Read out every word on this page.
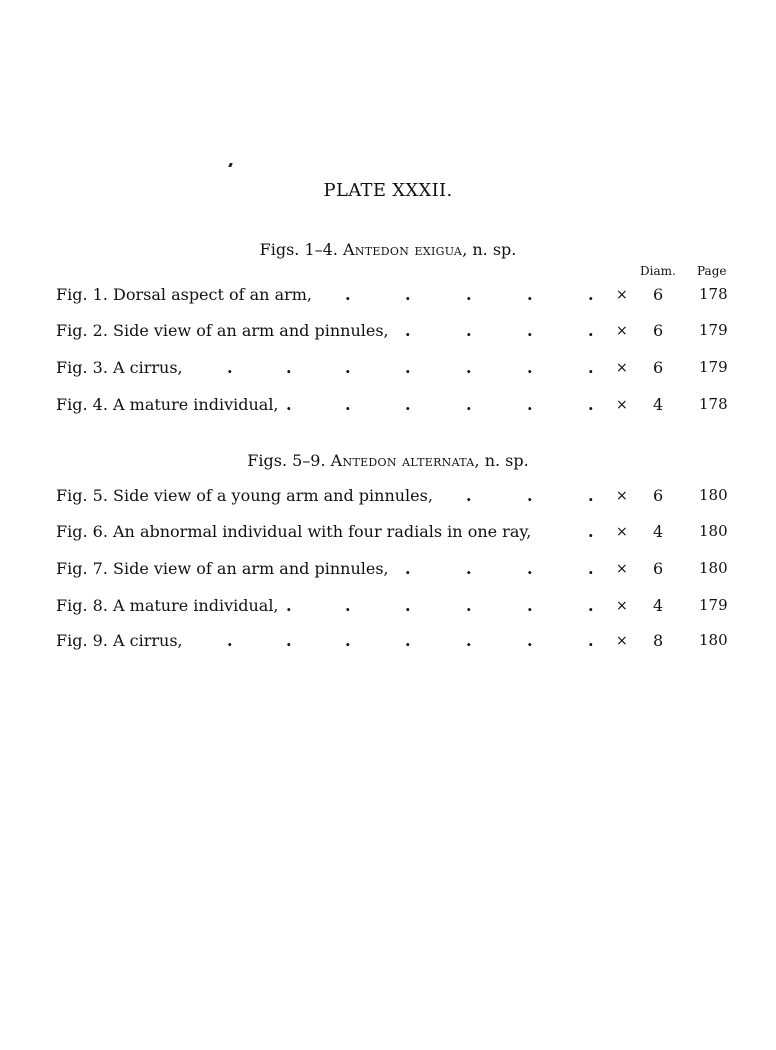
PLATE XXXII.
Figs. 1–4. Antedon exigua, n. sp.
Diam. Page
Fig. 1. Dorsal aspect of an arm, .	.	.	.	. × 6 178
Fig. 2. Side view of an arm and pinnules, .	.	.	. × 6 179
Fig. 3. A cirrus,	.	.	.	.	.	.	. × 6 179
Fig. 4. A mature individual, .	.	.	.	.	. × 4 178
Figs. 5–9. Antedon alternata, n. sp.
Fig. 5. Side view of a young arm and pinnules, .	.	. × 6 180
Fig. 6. An abnormal individual with four radials in one ray,	. × 4 180
Fig. 7. Side view of an arm and pinnules, .	.	.	. × 6 180
Fig. 8. A mature individual, .	.	.	.	.	. × 4 179
Fig. 9. A cirrus,	.	.	.	.	.	.	. × 8 180
